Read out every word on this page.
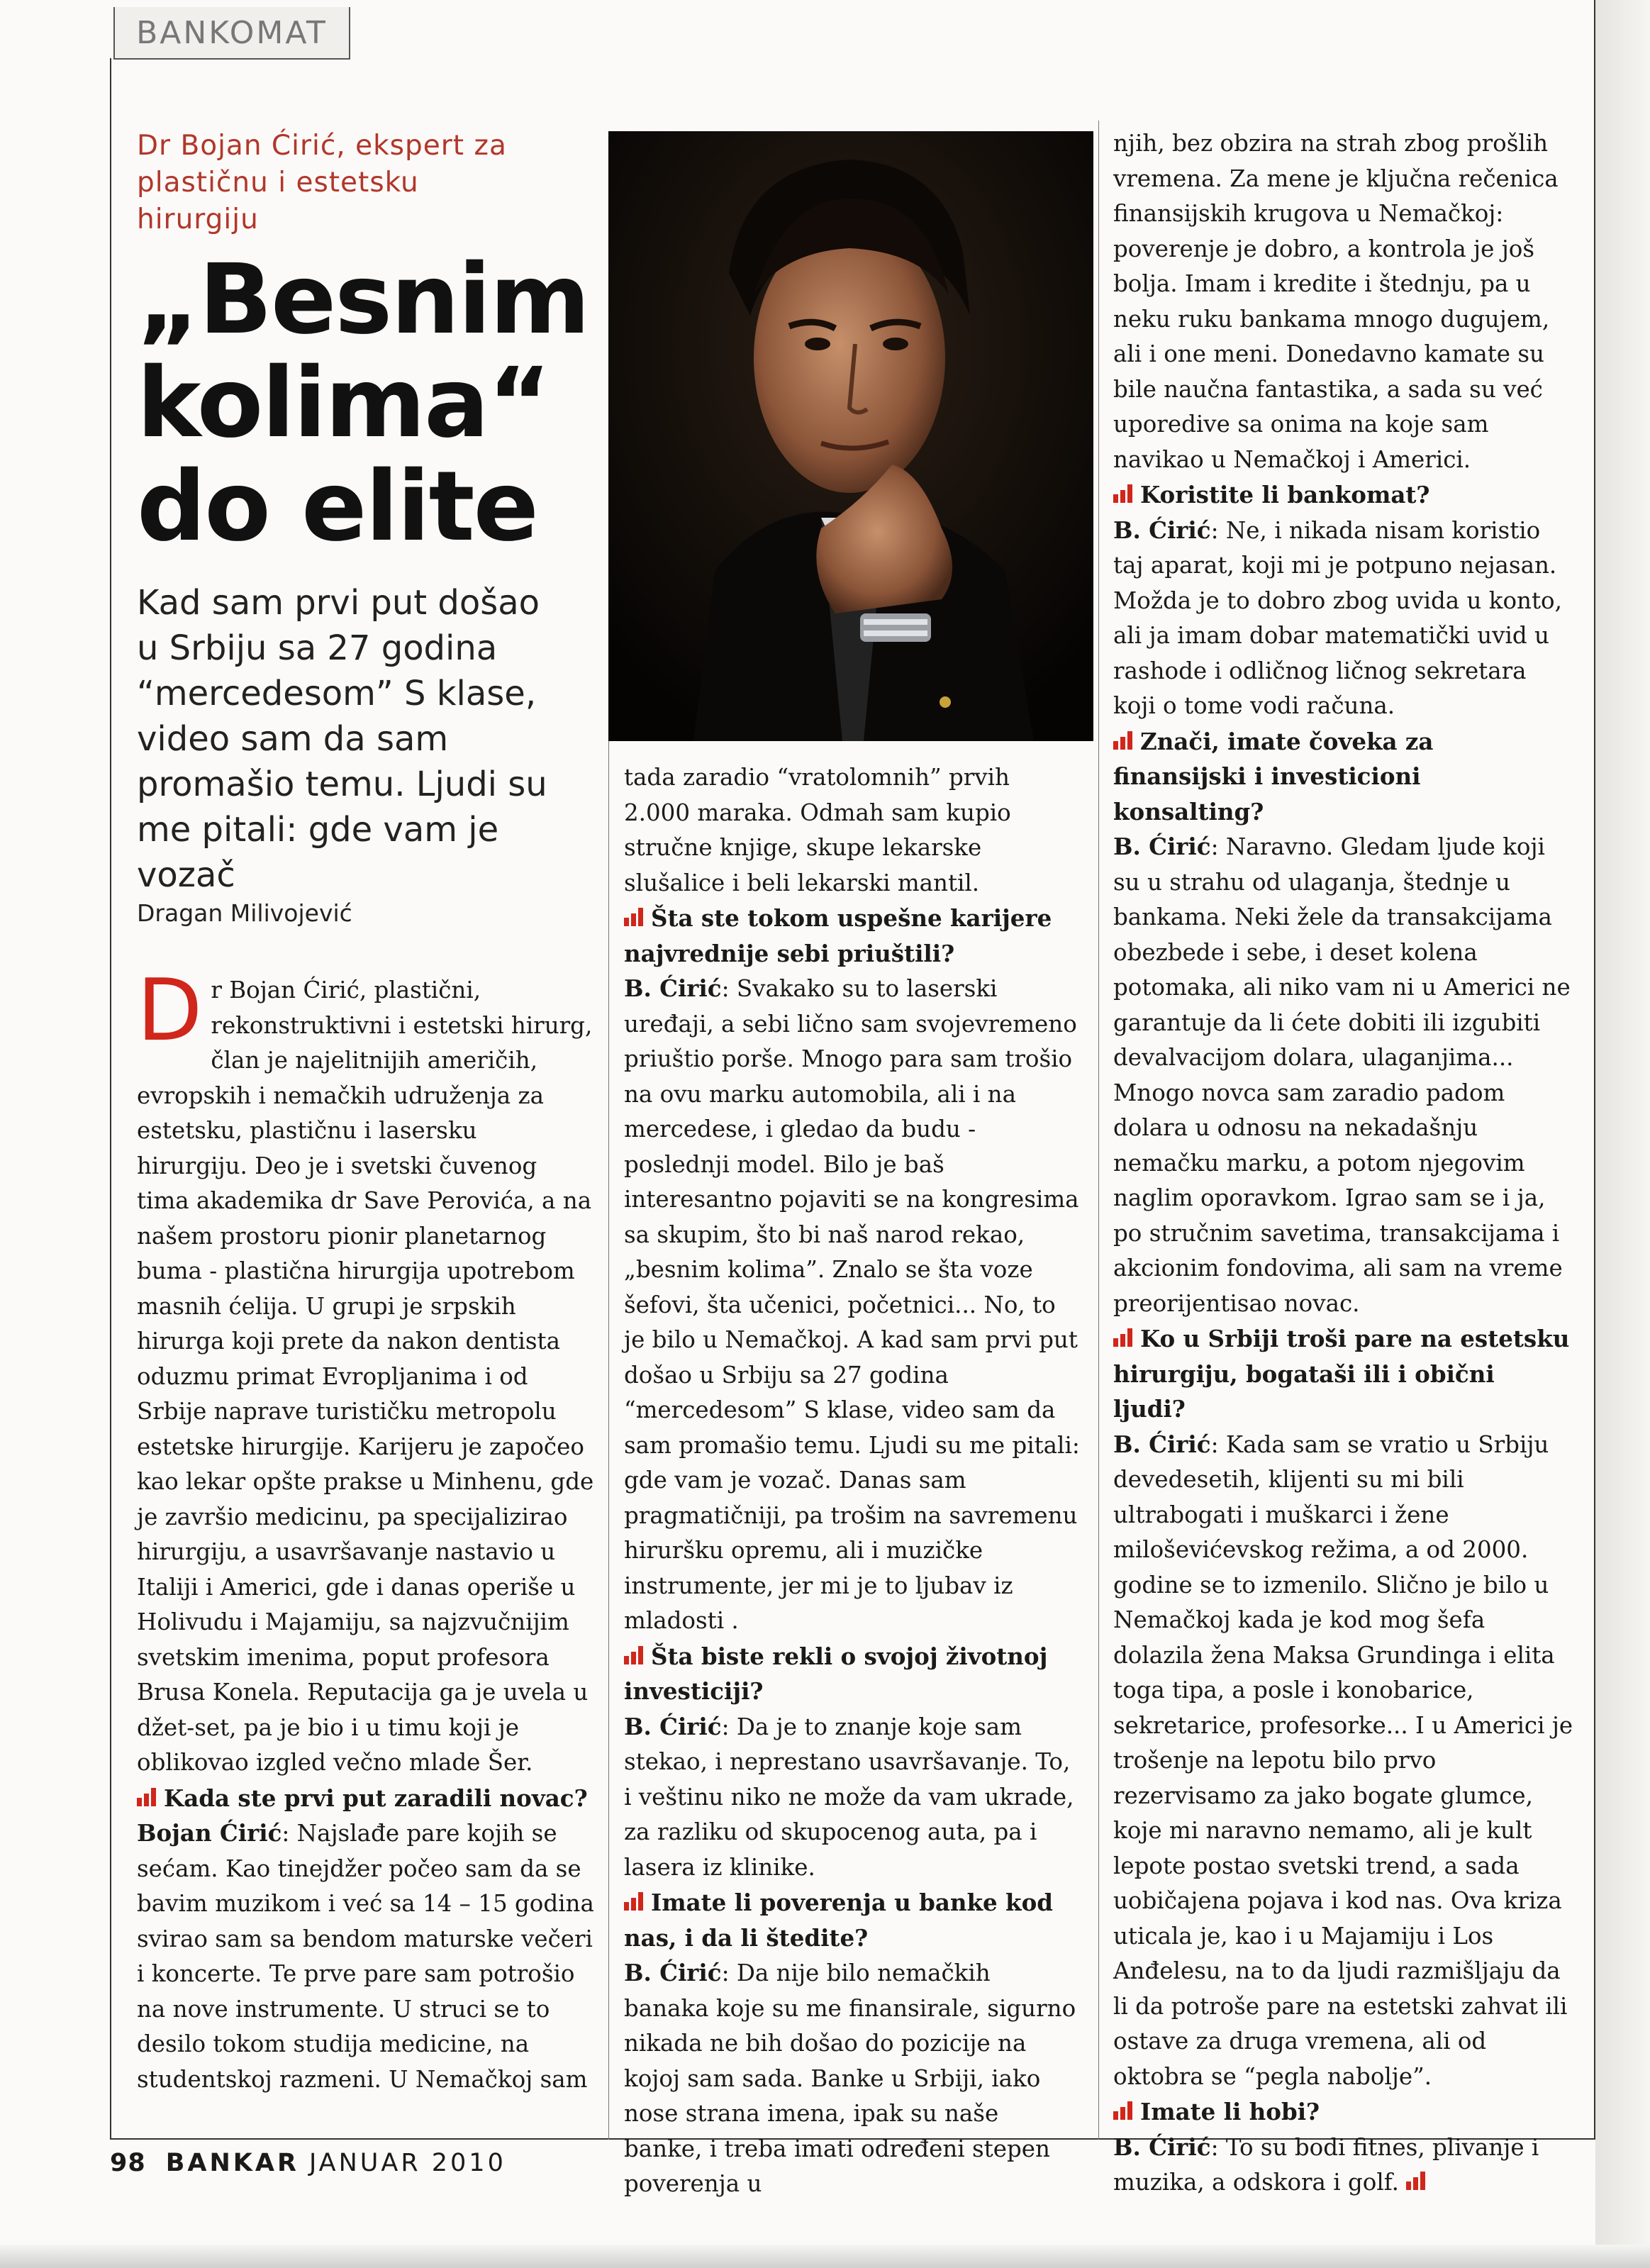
BANKOMAT
Dr Bojan Ćirić, ekspert za plastičnu i estetsku hirurgiju
„Besnim kolima“ do elite
Kad sam prvi put došao u Srbiju sa 27 godina “mercedesom” S klase, video sam da sam promašio temu. Ljudi su me pitali: gde vam je vozač
Dragan Milivojević

Dr Bojan Ćirić, plastični, rekonstruktivni i estetski hirurg, član je najelitnijih američih, evropskih i nemačkih udruženja za estetsku, plastičnu i lasersku hirurgiju. Deo je i svetski čuvenog tima akademika dr Save Perovića, a na našem prostoru pionir planetarnog buma - plastična hirurgija upotrebom masnih ćelija. U grupi je srpskih hirurga koji prete da nakon dentista oduzmu primat Evropljanima i od Srbije naprave turističku metropolu estetske hirurgije. Karijeru je započeo kao lekar opšte prakse u Minhenu, gde je završio medicinu, pa specijalizirao hirurgiju, a usavršavanje nastavio u Italiji i Americi, gde i danas operiše u Holivudu i Majamiju, sa najzvučnijim svetskim imenima, poput profesora Brusa Konela. Reputacija ga je uvela u džet-set, pa je bio i u timu koji je oblikovao izgled večno mlade Šer.

Kada ste prvi put zaradili novac?

Bojan Ćirić: Najslađe pare kojih se sećam. Kao tinejdžer počeo sam da se bavim muzikom i već sa 14 – 15 godina svirao sam sa bendom maturske večeri i koncerte. Te prve pare sam potrošio na nove instrumente. U struci se to desilo tokom studija medicine, na studentskoj razmeni. U Nemačkoj sam

tada zaradio “vratolomnih” prvih 2.000 maraka. Odmah sam kupio stručne knjige, skupe lekarske slušalice i beli lekarski mantil.

Šta ste tokom uspešne karijere najvrednije sebi priuštili?

B. Ćirić: Svakako su to laserski uređaji, a sebi lično sam svojevremeno priuštio porše. Mnogo para sam trošio na ovu marku automobila, ali i na mercedese, i gledao da budu - poslednji model. Bilo je baš interesantno pojaviti se na kongresima sa skupim, što bi naš narod rekao, „besnim kolima”. Znalo se šta voze šefovi, šta učenici, početnici... No, to je bilo u Nemačkoj. A kad sam prvi put došao u Srbiju sa 27 godina “mercedesom” S klase, video sam da sam promašio temu. Ljudi su me pitali: gde vam je vozač. Danas sam pragmatičniji, pa trošim na savremenu hiruršku opremu, ali i muzičke instrumente, jer mi je to ljubav iz mladosti .

Šta biste rekli o svojoj životnoj investiciji?

B. Ćirić: Da je to znanje koje sam stekao, i neprestano usavršavanje. To, i veštinu niko ne može da vam ukrade, za razliku od skupocenog auta, pa i lasera iz klinike.

Imate li poverenja u banke kod nas, i da li štedite?

B. Ćirić: Da nije bilo nemačkih banaka koje su me finansirale, sigurno nikada ne bih došao do pozicije na kojoj sam sada. Banke u Srbiji, iako nose strana imena, ipak su naše banke, i treba imati određeni stepen poverenja u

njih, bez obzira na strah zbog prošlih vremena. Za mene je ključna rečenica finansijskih krugova u Nemačkoj: poverenje je dobro, a kontrola je još bolja. Imam i kredite i štednju, pa u neku ruku bankama mnogo dugujem, ali i one meni. Donedavno kamate su bile naučna fantastika, a sada su već uporedive sa onima na koje sam navikao u Nemačkoj i Americi.

Koristite li bankomat?

B. Ćirić: Ne, i nikada nisam koristio taj aparat, koji mi je potpuno nejasan. Možda je to dobro zbog uvida u konto, ali ja imam dobar matematički uvid u rashode i odličnog ličnog sekretara koji o tome vodi računa.

Znači, imate čoveka za finansijski i investicioni konsalting?

B. Ćirić: Naravno. Gledam ljude koji su u strahu od ulaganja, štednje u bankama. Neki žele da transakcijama obezbede i sebe, i deset kolena potomaka, ali niko vam ni u Americi ne garantuje da li ćete dobiti ili izgubiti devalvacijom dolara, ulaganjima... Mnogo novca sam zaradio padom dolara u odnosu na nekadašnju nemačku marku, a potom njegovim naglim oporavkom. Igrao sam se i ja, po stručnim savetima, transakcijama i akcionim fondovima, ali sam na vreme preorijentisao novac.

Ko u Srbiji troši pare na estetsku hirurgiju, bogataši ili i obični ljudi?

B. Ćirić: Kada sam se vratio u Srbiju devedesetih, klijenti su mi bili ultrabogati i muškarci i žene miloševićevskog režima, a od 2000. godine se to izmenilo. Slično je bilo u Nemačkoj kada je kod mog šefa dolazila žena Maksa Grundinga i elita toga tipa, a posle i konobarice, sekretarice, profesorke... I u Americi je trošenje na lepotu bilo prvo rezervisamo za jako bogate glumce, koje mi naravno nemamo, ali je kult lepote postao svetski trend, a sada uobičajena pojava i kod nas. Ova kriza uticala je, kao i u Majamiju i Los Anđelesu, na to da ljudi razmišljaju da li da potroše pare na estetski zahvat ili ostave za druga vremena, ali od oktobra se “pegla nabolje”.

Imate li hobi?

B. Ćirić: To su bodi fitnes, plivanje i muzika, a odskora i golf.

98 BANKAR JANUAR 2010
